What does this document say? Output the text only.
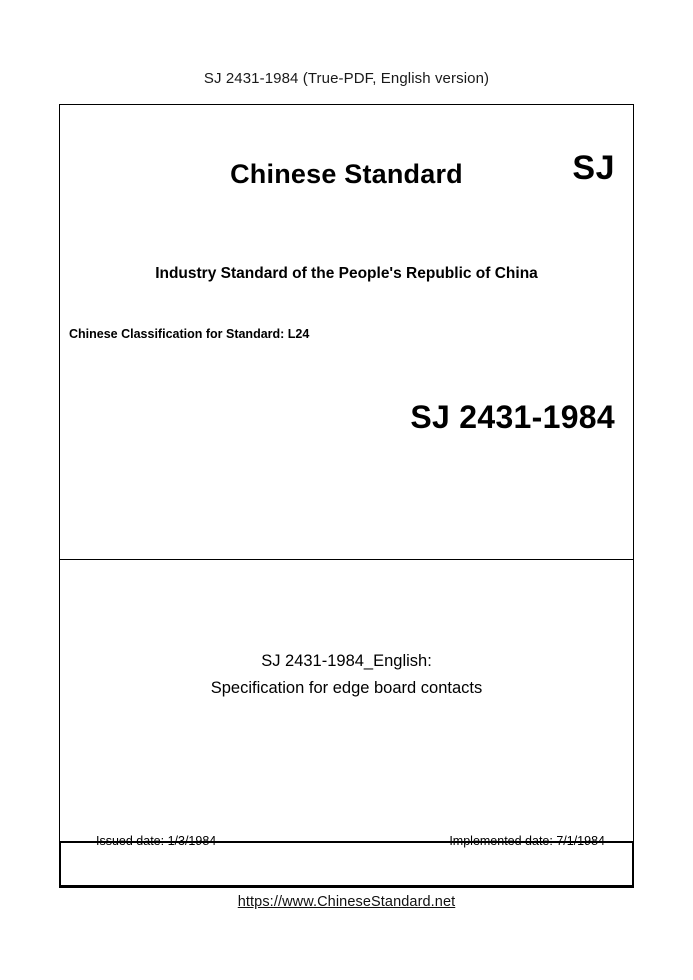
SJ 2431-1984 (True-PDF, English version)
Chinese Standard	SJ
Industry Standard of the People's Republic of China
Chinese Classification for Standard: L24
SJ 2431-1984
SJ 2431-1984_English:
Specification for edge board contacts
Issued date: 1/3/1984	Implemented date: 7/1/1984
https://www.ChineseStandard.net
